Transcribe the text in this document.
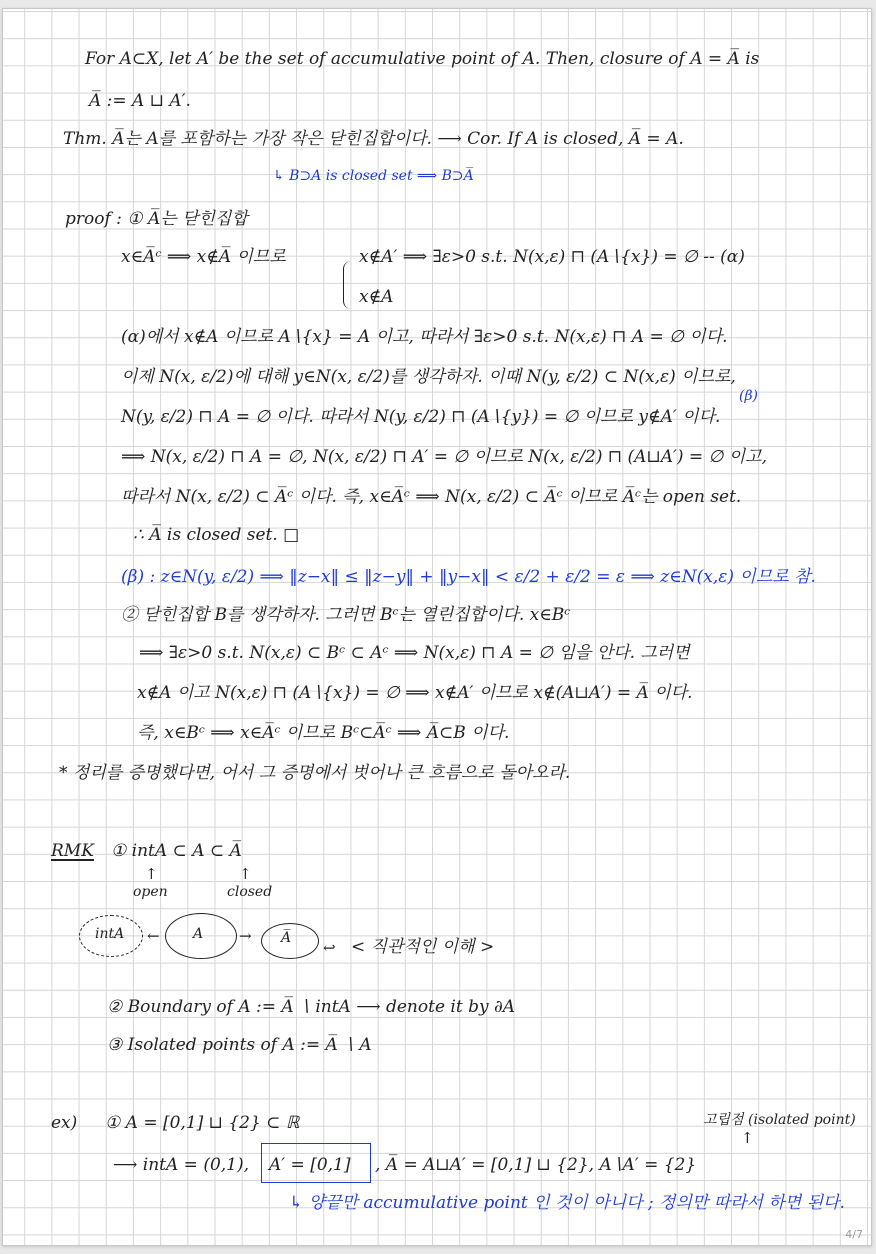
For A⊂X, let A′ be the set of accumulative point of A. Then, closure of A = A̅ is
A̅ := A ⊔ A′.
Thm. A̅는 A를 포함하는 가장 작은 닫힌집합이다. ⟶ Cor. If A is closed, A̅ = A.
↳ B⊃A is closed set ⟹ B⊃A̅
proof : ① A̅는 닫힌집합
x∈A̅ᶜ ⟹ x∉A̅ 이므로	x∉A′ ⟹ ∃ε>0 s.t. N(x,ε) ⊓ (A∖{x}) = ∅ -- (α)
x∉A
(α)에서 x∉A 이므로 A∖{x} = A 이고, 따라서 ∃ε>0 s.t. N(x,ε) ⊓ A = ∅ 이다.
이제 N(x, ε/2)에 대해 y∈N(x, ε/2)를 생각하자. 이때 N(y, ε/2) ⊂ N(x,ε) 이므로,
(β)
N(y, ε/2) ⊓ A = ∅ 이다. 따라서 N(y, ε/2) ⊓ (A∖{y}) = ∅ 이므로 y∉A′ 이다.
⟹ N(x, ε/2) ⊓ A = ∅, N(x, ε/2) ⊓ A′ = ∅ 이므로 N(x, ε/2) ⊓ (A⊔A′) = ∅ 이고,
따라서 N(x, ε/2) ⊂ A̅ᶜ 이다. 즉, x∈A̅ᶜ ⟹ N(x, ε/2) ⊂ A̅ᶜ 이므로 A̅ᶜ는 open set.
∴ A̅ is closed set. □
(β) : z∈N(y, ε/2) ⟹ ‖z−x‖ ≤ ‖z−y‖ + ‖y−x‖ < ε/2 + ε/2 = ε ⟹ z∈N(x,ε) 이므로 참.
② 닫힌집합 B를 생각하자. 그러면 Bᶜ는 열린집합이다. x∈Bᶜ
⟹ ∃ε>0 s.t. N(x,ε) ⊂ Bᶜ ⊂ Aᶜ ⟹ N(x,ε) ⊓ A = ∅ 임을 안다. 그러면
x∉A 이고 N(x,ε) ⊓ (A∖{x}) = ∅ ⟹ x∉A′ 이므로 x∉(A⊔A′) = A̅ 이다.
즉, x∈Bᶜ ⟹ x∈A̅ᶜ 이므로 Bᶜ⊂A̅ᶜ ⟹ A̅⊂B 이다.
* 정리를 증명했다면, 어서 그 증명에서 벗어나 큰 흐름으로 돌아오라.
RMK ① intA ⊂ A ⊂ A̅
↑	↑
open	closed
intA ← A → A̅
↩ < 직관적인 이해 >
② Boundary of A := A̅ ∖ intA ⟶ denote it by ∂A
③ Isolated points of A := A̅ ∖ A
ex) ① A = [0,1] ⊔ {2} ⊂ ℝ	고립점 (isolated point)
↑
⟶ intA = (0,1), A′ = [0,1] , A̅ = A⊔A′ = [0,1] ⊔ {2}, A∖A′ = {2}
↳ 양끝만 accumulative point 인 것이 아니다 ; 정의만 따라서 하면 된다.
4/7
